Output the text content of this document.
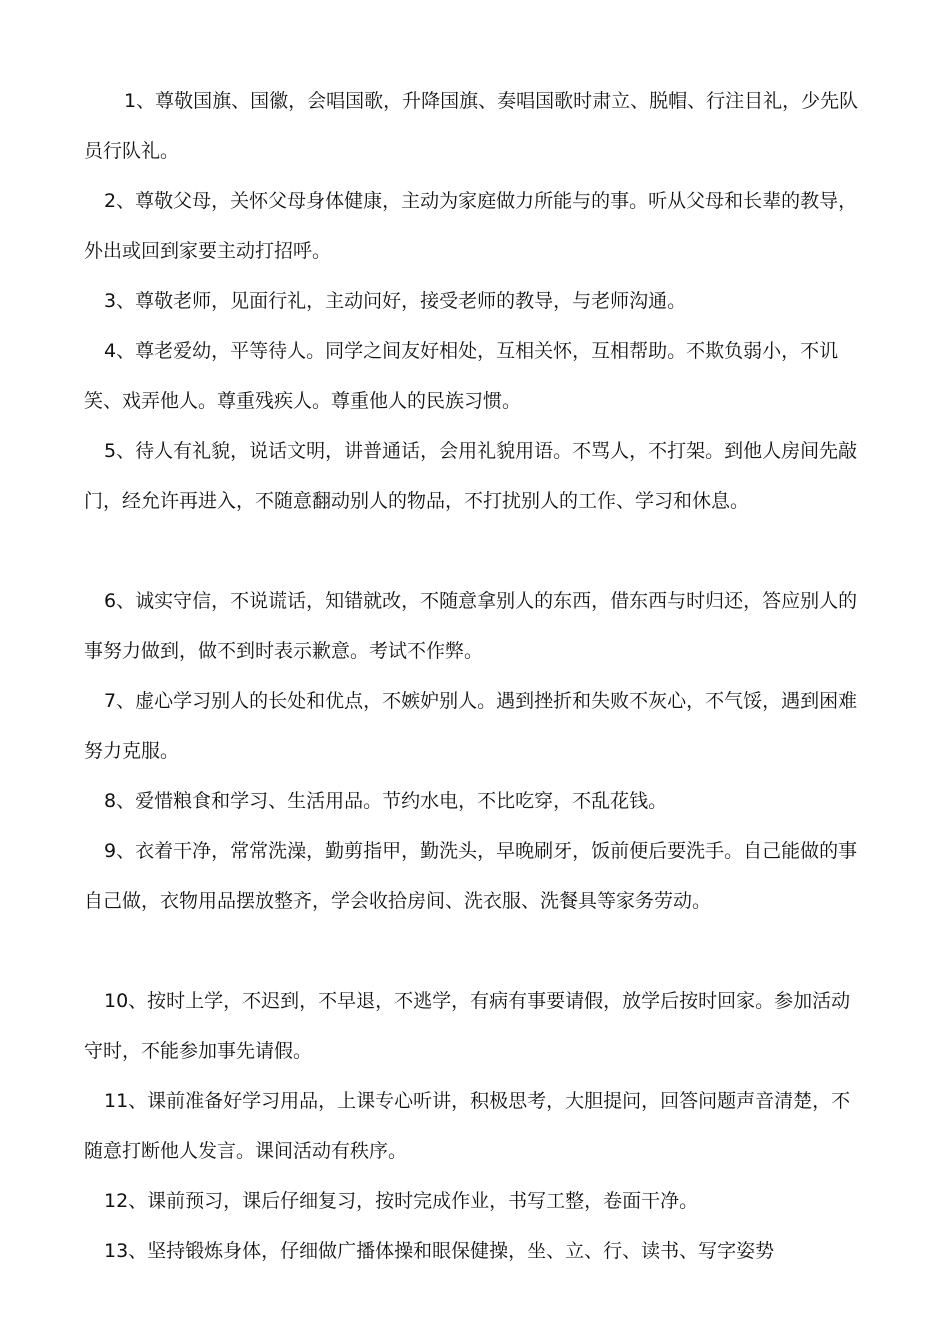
1、尊敬国旗、国徽，会唱国歌，升降国旗、奏唱国歌时肃立、脱帽、行注目礼，少先队员行队礼。

2、尊敬父母，关怀父母身体健康，主动为家庭做力所能与的事。听从父母和长辈的教导，外出或回到家要主动打招呼。

3、尊敬老师，见面行礼，主动问好，接受老师的教导，与老师沟通。

4、尊老爱幼，平等待人。同学之间友好相处，互相关怀，互相帮助。不欺负弱小，不讥笑、戏弄他人。尊重残疾人。尊重他人的民族习惯。

5、待人有礼貌，说话文明，讲普通话，会用礼貌用语。不骂人，不打架。到他人房间先敲门，经允许再进入，不随意翻动别人的物品，不打扰别人的工作、学习和休息。

6、诚实守信，不说谎话，知错就改，不随意拿别人的东西，借东西与时归还，答应别人的事努力做到，做不到时表示歉意。考试不作弊。

7、虚心学习别人的长处和优点，不嫉妒别人。遇到挫折和失败不灰心，不气馁，遇到困难努力克服。

8、爱惜粮食和学习、生活用品。节约水电，不比吃穿，不乱花钱。

9、衣着干净，常常洗澡，勤剪指甲，勤洗头，早晚刷牙，饭前便后要洗手。自己能做的事自己做，衣物用品摆放整齐，学会收拾房间、洗衣服、洗餐具等家务劳动。

10、按时上学，不迟到，不早退，不逃学，有病有事要请假，放学后按时回家。参加活动守时，不能参加事先请假。

11、课前准备好学习用品，上课专心听讲，积极思考，大胆提问，回答问题声音清楚，不随意打断他人发言。课间活动有秩序。

12、课前预习，课后仔细复习，按时完成作业，书写工整，卷面干净。

13、坚持锻炼身体，仔细做广播体操和眼保健操，坐、立、行、读书、写字姿势
